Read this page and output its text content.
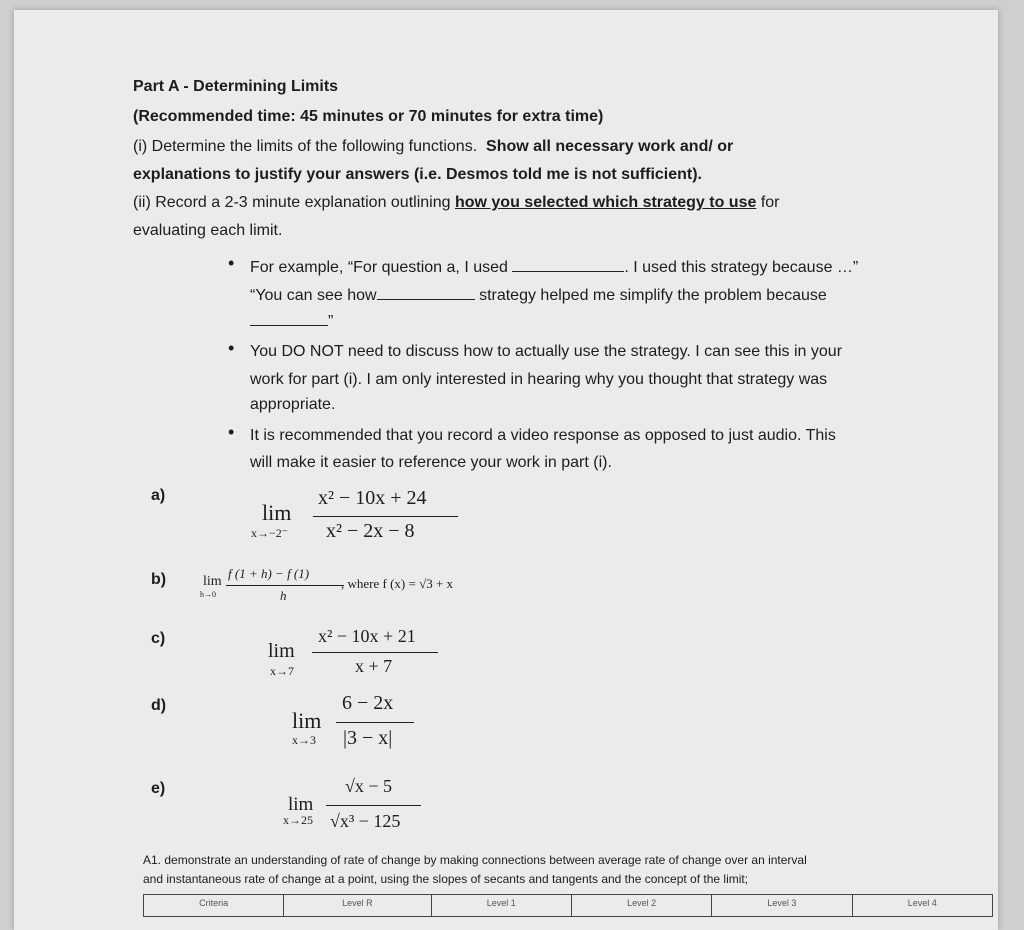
Part A - Determining Limits
(Recommended time: 45 minutes or 70 minutes for extra time)
(i) Determine the limits of the following functions. Show all necessary work and/ or
explanations to justify your answers (i.e. Desmos told me is not sufficient).
(ii) Record a 2-3 minute explanation outlining how you selected which strategy to use for
evaluating each limit.
• For example, “For question a, I used	. I used this strategy because …”
“You can see how	strategy helped me simplify the problem because
”
• You DO NOT need to discuss how to actually use the strategy. I can see this in your
work for part (i). I am only interested in hearing why you thought that strategy was
appropriate.
• It is recommended that you record a video response as opposed to just audio. This
will make it easier to reference your work in part (i).
a)
lim
x→−2⁻
x² − 10x + 24
x² − 2x − 8
b)	lim
h→0
f (1 + h) − f (1)
h
, where f (x) = √3 + x
c)
lim
x→7
x² − 10x + 21
x + 7
d)
lim
x→3
6 − 2x
|3 − x|
e)
lim
x→25
√x − 5
√x³ − 125
A1. demonstrate an understanding of rate of change by making connections between average rate of change over an interval
and instantaneous rate of change at a point, using the slopes of secants and tangents and the concept of the limit;
Criteria	Level R	Level 1	Level 2	Level 3	Level 4
